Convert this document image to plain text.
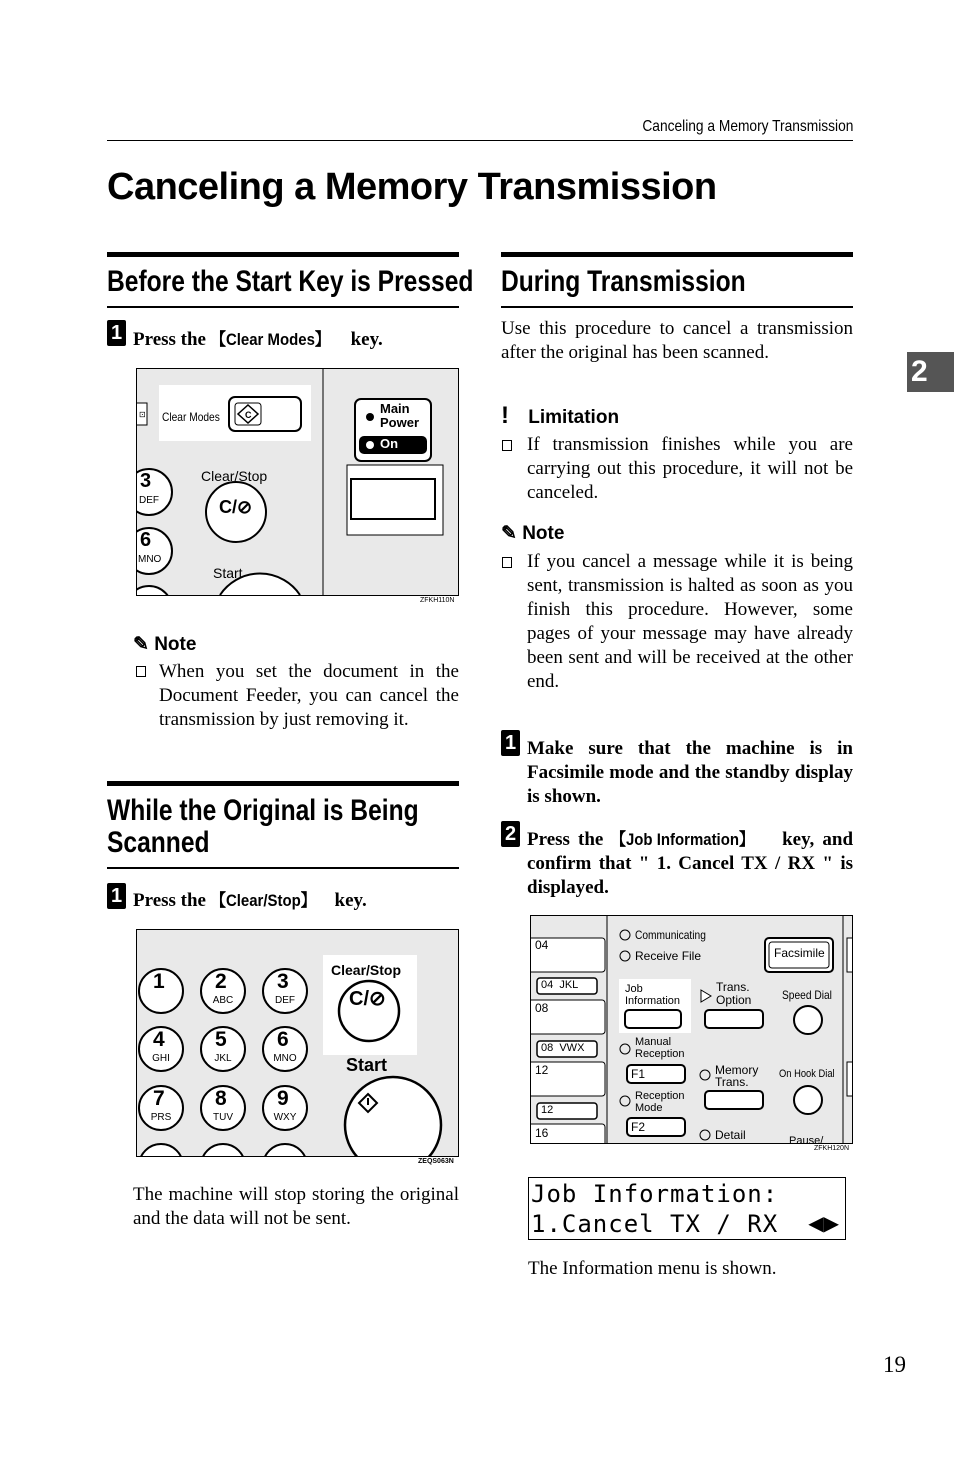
Canceling a Memory Transmission
Canceling a Memory Transmission
2
Before the Start Key is Pressed
1 Press the 【Clear Modes】 key.
⊡	C
Clear Modes
Main
Power
On
Clear/Stop
C/⊘
Start
3
DEF
6
MNO
ZFKH110N
✎ Note
When you set the document in the Document Feeder, you can cancel the transmission by just removing it.
While the Original is Being
Scanned
1 Press the 【Clear/Stop】 key.
Clear/Stop
C/⊘
Start
1 2
ABC
3
DEF
4
GHI
5
JKL
6
MNO
7
PRS
8
TUV
9
WXY
ZEQS063N
The machine will stop storing the original and the data will not be sent.
During Transmission
Use this procedure to cancel a transmission after the original has been scanned.
! Limitation
If transmission finishes while you are carrying out this procedure, it will not be canceled.
✎ Note
If you cancel a message while it is being sent, transmission is halted as soon as you finish this procedure. However, some pages of your message may have already been sent and will be received at the other end.
1 Make sure that the machine is in Facsimile mode and the standby display is shown.
2 Press the 【Job Information】 key, and confirm that " 1. Cancel TX / RX " is displayed.
04
04  JKL
08
08  VWX
12
12
16
Communicating
Receive File	Facsimile
Job Information
Trans. Option	Speed Dial
Manual Reception
Memory Trans.
On Hook Dial
Reception Mode
F1
F2
Detail	Pause/
ZFKH120N
Job Information:
1.Cancel TX / RX	◀▶
The Information menu is shown.
19
